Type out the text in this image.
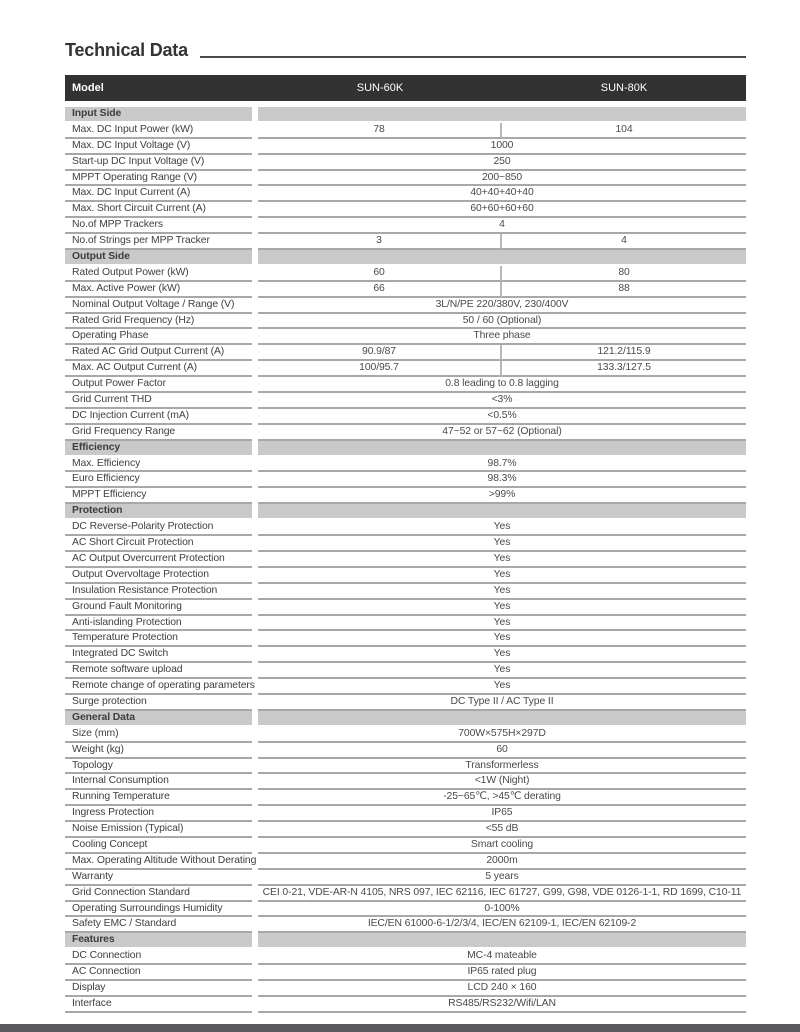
Technical Data
Model	SUN-60K	SUN-80K
Input Side
Max. DC Input Power (kW)	78	104
Max. DC Input Voltage (V)	1000
Start-up DC Input Voltage (V)	250
MPPT Operating Range (V)	200~850
Max. DC Input Current (A)	40+40+40+40
Max. Short Circuit Current (A)	60+60+60+60
No.of MPP Trackers	4
No.of Strings per MPP Tracker	3	4
Output Side
Rated Output Power (kW)	60	80
Max. Active Power (kW)	66	88
Nominal Output Voltage / Range (V)	3L/N/PE 220/380V, 230/400V
Rated Grid Frequency (Hz)	50 / 60 (Optional)
Operating Phase	Three phase
Rated AC Grid Output Current (A)	90.9/87	121.2/115.9
Max. AC Output Current (A)	100/95.7	133.3/127.5
Output Power Factor	0.8 leading to 0.8 lagging
Grid Current THD	<3%
DC Injection Current (mA)	<0.5%
Grid Frequency Range	47~52 or 57~62 (Optional)
Efficiency
Max. Efficiency	98.7%
Euro Efficiency	98.3%
MPPT Efficiency	>99%
Protection
DC Reverse-Polarity Protection	Yes
AC Short Circuit Protection	Yes
AC Output Overcurrent Protection	Yes
Output Overvoltage Protection	Yes
Insulation Resistance Protection	Yes
Ground Fault Monitoring	Yes
Anti-islanding Protection	Yes
Temperature Protection	Yes
Integrated DC Switch	Yes
Remote software upload	Yes
Remote change of operating parameters	Yes
Surge protection	DC Type II / AC Type II
General Data
Size (mm)	700W×575H×297D
Weight (kg)	60
Topology	Transformerless
Internal Consumption	<1W (Night)
Running Temperature	-25~65℃, >45℃ derating
Ingress Protection	IP65
Noise Emission (Typical)	<55 dB
Cooling Concept	Smart cooling
Max. Operating Altitude Without Derating	2000m
Warranty	5 years
Grid Connection Standard	CEI 0-21, VDE-AR-N 4105, NRS 097, IEC 62116, IEC 61727, G99, G98, VDE 0126-1-1, RD 1699, C10-11
Operating Surroundings Humidity	0-100%
Safety EMC / Standard	IEC/EN 61000-6-1/2/3/4, IEC/EN 62109-1, IEC/EN 62109-2
Features
DC Connection	MC-4 mateable
AC Connection	IP65 rated plug
Display	LCD 240 × 160
Interface	RS485/RS232/Wifi/LAN
